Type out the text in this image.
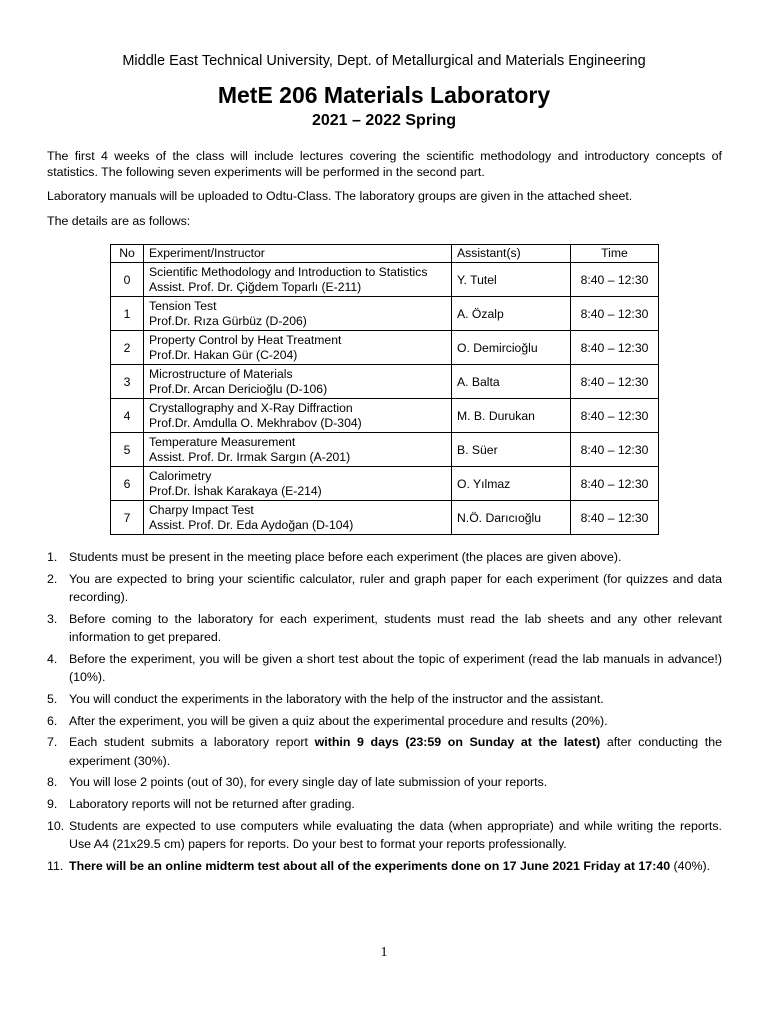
Middle East Technical University, Dept. of Metallurgical and Materials Engineering
MetE 206 Materials Laboratory
2021 – 2022 Spring
The first 4 weeks of the class will include lectures covering the scientific methodology and introductory concepts of statistics. The following seven experiments will be performed in the second part.
Laboratory manuals will be uploaded to Odtu-Class. The laboratory groups are given in the attached sheet.
The details are as follows:
No	Experiment/Instructor	Assistant(s)	Time
0	Scientific Methodology and Introduction to Statistics
Assist. Prof. Dr. Çiğdem Toparlı (E-211)	Y. Tutel	8:40 – 12:30
1	Tension Test
Prof.Dr. Rıza Gürbüz (D-206)	A. Özalp	8:40 – 12:30
2	Property Control by Heat Treatment
Prof.Dr. Hakan Gür (C-204)	O. Demircioğlu	8:40 – 12:30
3	Microstructure of Materials
Prof.Dr. Arcan Dericioğlu (D-106)	A. Balta	8:40 – 12:30
4	Crystallography and X-Ray Diffraction
Prof.Dr. Amdulla O. Mekhrabov (D-304)	M. B. Durukan	8:40 – 12:30
5	Temperature Measurement
Assist. Prof. Dr. Irmak Sargın (A-201)	B. Süer	8:40 – 12:30
6	Calorimetry
Prof.Dr. İshak Karakaya (E-214)	O. Yılmaz	8:40 – 12:30
7	Charpy Impact Test
Assist. Prof. Dr. Eda Aydoğan (D-104)	N.Ö. Darıcıoğlu	8:40 – 12:30
1. Students must be present in the meeting place before each experiment (the places are given above).
2. You are expected to bring your scientific calculator, ruler and graph paper for each experiment (for quizzes and data recording).
3. Before coming to the laboratory for each experiment, students must read the lab sheets and any other relevant information to get prepared.
4. Before the experiment, you will be given a short test about the topic of experiment (read the lab manuals in advance!) (10%).
5. You will conduct the experiments in the laboratory with the help of the instructor and the assistant.
6. After the experiment, you will be given a quiz about the experimental procedure and results (20%).
7. Each student submits a laboratory report within 9 days (23:59 on Sunday at the latest) after conducting the experiment (30%).
8. You will lose 2 points (out of 30), for every single day of late submission of your reports.
9. Laboratory reports will not be returned after grading.
10. Students are expected to use computers while evaluating the data (when appropriate) and while writing the reports. Use A4 (21x29.5 cm) papers for reports. Do your best to format your reports professionally.
11. There will be an online midterm test about all of the experiments done on 17 June 2021 Friday at 17:40 (40%).
1
